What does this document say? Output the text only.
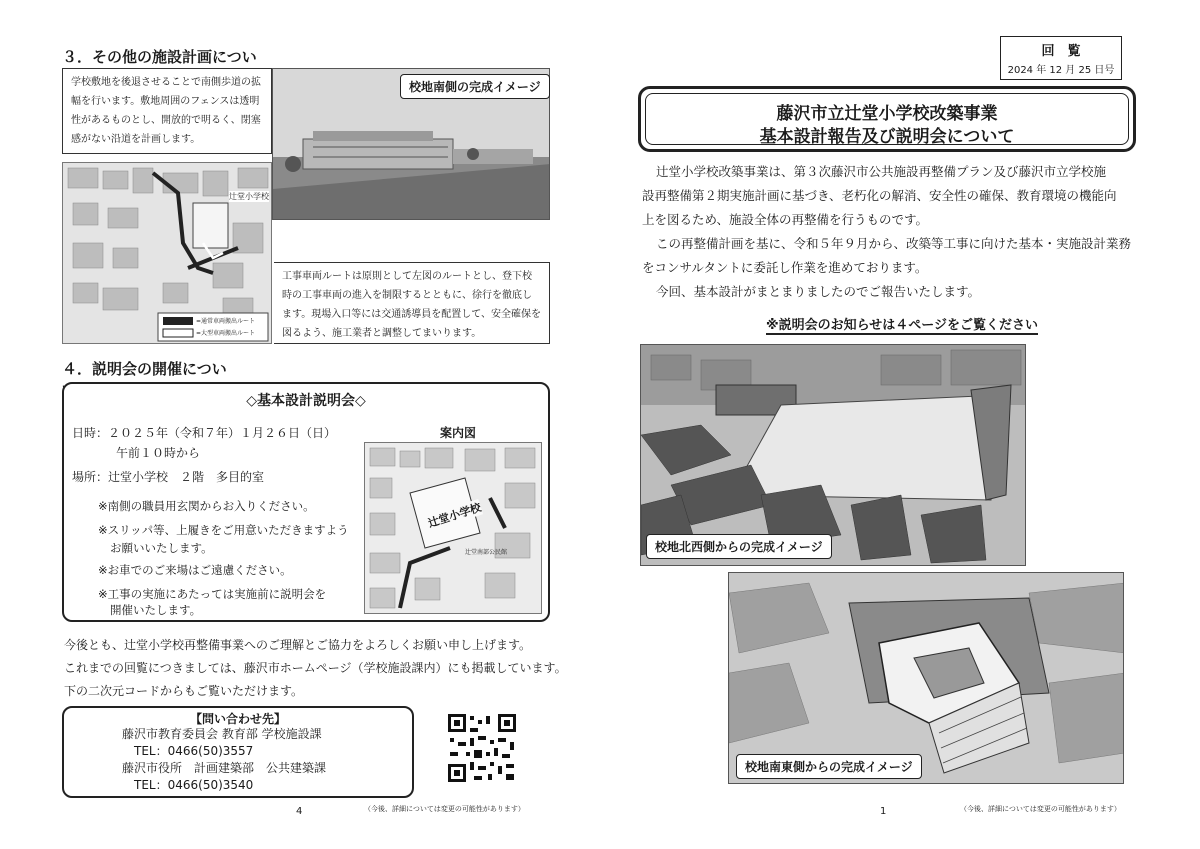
３．その他の施設計画につい
学校敷地を後退させることで南側歩道の拡幅を行います。敷地周囲のフェンスは透明性があるものとし、開放的で明るく、閉塞感がない沿道を計画します。
校地南側の完成イメージ
辻堂小学校
=通常車両搬出ルート
=大型車両搬出ルート
工事車両ルートは原則として左図のルートとし、登下校時の工事車両の進入を制限するとともに、徐行を徹底します。現場入口等には交通誘導員を配置して、安全確保を図るよう、施工業者と調整してまいります。
４．説明会の開催につい
◇基本設計説明会◇
日時：２０２５年（令和７年）１月２６日（日）
午前１０時から
場所：辻堂小学校　２階　多目的室
※南側の職員用玄関からお入りください。
※スリッパ等、上履きをご用意いただきますよう
お願いいたします。
※お車でのご来場はご遠慮ください。
※工事の実施にあたっては実施前に説明会を
開催いたします。
案内図
辻堂小学校
辻堂南部公民館
今後とも、辻堂小学校再整備事業へのご理解とご協力をよろしくお願い申し上げます。
これまでの回覧につきましては、藤沢市ホームページ（学校施設課内）にも掲載しています。
下の二次元コードからもご覧いただけます。
【問い合わせ先】
藤沢市教育委員会 教育部 学校施設課
TEL：0466(50)3557
藤沢市役所　計画建築部　公共建築課
TEL：0466(50)3540
4	（今後、詳細については変更の可能性があります）
回　覧
2024 年 12 月 25 日号
藤沢市立辻堂小学校改築事業
基本設計報告及び説明会について
辻堂小学校改築事業は、第３次藤沢市公共施設再整備プラン及び藤沢市立学校施
設再整備第２期実施計画に基づき、老朽化の解消、安全性の確保、教育環境の機能向
上を図るため、施設全体の再整備を行うものです。
この再整備計画を基に、令和５年９月から、改築等工事に向けた基本・実施設計業務
をコンサルタントに委託し作業を進めております。
今回、基本設計がまとまりましたのでご報告いたします。
※説明会のお知らせは４ページをご覧ください
校地北西側からの完成イメージ
校地南東側からの完成イメージ
1	（今後、詳細については変更の可能性があります）
